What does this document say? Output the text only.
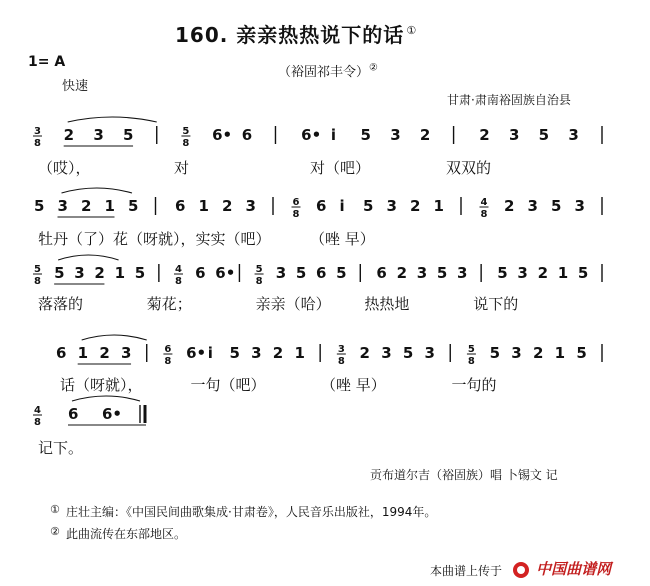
160. 亲亲热热说下的话 ①
1= A
快速
（裕固祁丰令）②
甘肃·肃南裕固族自治县
3
8 2 3 5	5
8 6• 6	6• i 5 3 2	2 3 5 3
5 3 2 1 5 6 1 2 3	6
8 6 i 5 3 2 1	4
8 2 3 5 3
5
8 5 3 2 1 5	4
8 6 6• 5
8 3 5 6 5 6 2 3 5 3 5 3 2 1 5
6 1 2 3	6
8 6• i 5 3 2 1	3
8 2 3 5 3	5
8 5 3 2 1 5
4
8 6 6•
（哎），	对	对（吧）	双双的
牡丹（了）花（呀就），实实（吧）	（唑 早）
落落的	菊花；	亲亲（哈） 热热地	说下的
话（呀就），	一句（吧）	（唑 早）	一句的
记下。
贡布道尔吉（裕固族）唱 卜锡文 记
① 庄壮主编：《中国民间曲歌集成·甘肃卷》，人民音乐出版社，1994年。
② 此曲流传在东部地区。
本曲谱上传于	中国曲谱网
